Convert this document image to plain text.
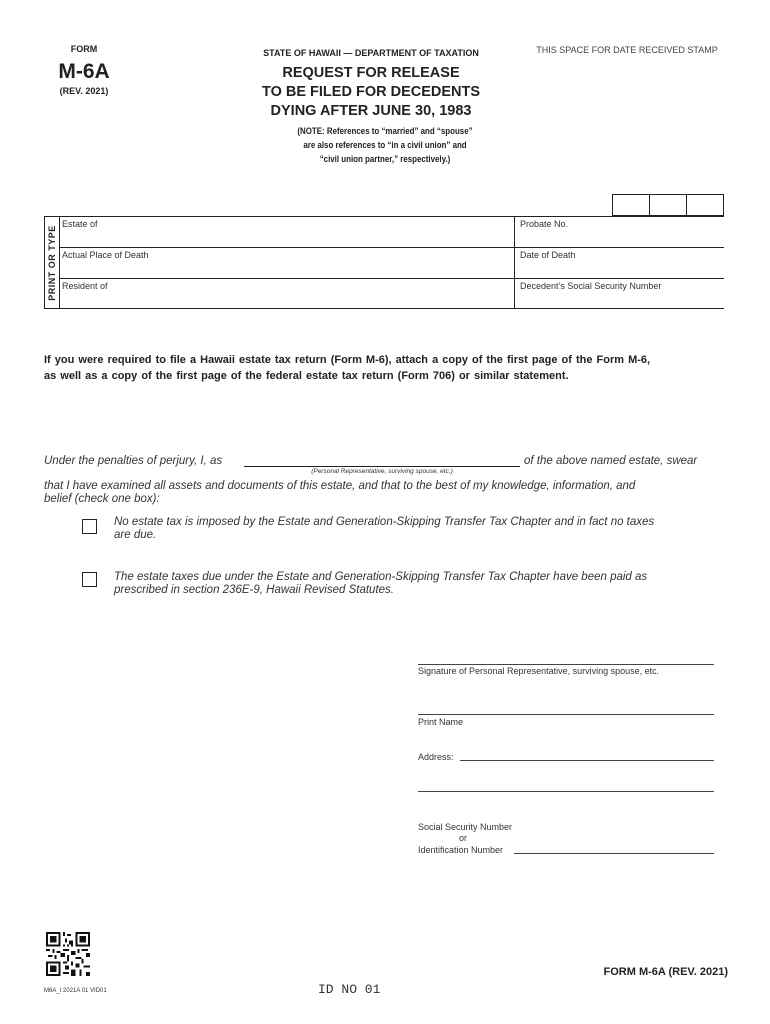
FORM
M-6A
(REV. 2021)
STATE OF HAWAII — DEPARTMENT OF TAXATION
REQUEST FOR RELEASE
TO BE FILED FOR DECEDENTS
DYING AFTER JUNE 30, 1983
(NOTE: References to “married” and “spouse”
are also references to “in a civil union” and
“civil union partner,” respectively.)
THIS SPACE FOR DATE RECEIVED STAMP
PRINT OR TYPE
Estate of	Probate No.
Actual Place of Death	Date of Death
Resident of	Decedent’s Social Security Number
If you were required to file a Hawaii estate tax return (Form M-6), attach a copy of the first page of the Form M-6,
as well as a copy of the first page of the federal estate tax return (Form 706) or similar statement.
Under the penalties of perjury, I, as	of the above named estate, swear
(Personal Representative, surviving spouse, etc.)
that I have examined all assets and documents of this estate, and that to the best of my knowledge, information, and
belief (check one box):
No estate tax is imposed by the Estate and Generation-Skipping Transfer Tax Chapter and in fact no taxes
are due.
The estate taxes due under the Estate and Generation-Skipping Transfer Tax Chapter have been paid as
prescribed in section 236E-9, Hawaii Revised Statutes.
Signature of Personal Representative, surviving spouse, etc.
Print Name
Address:
Social Security Number
or
Identification Number
M6A_I 2021A 01 VID01	ID NO 01
FORM M-6A (REV. 2021)
